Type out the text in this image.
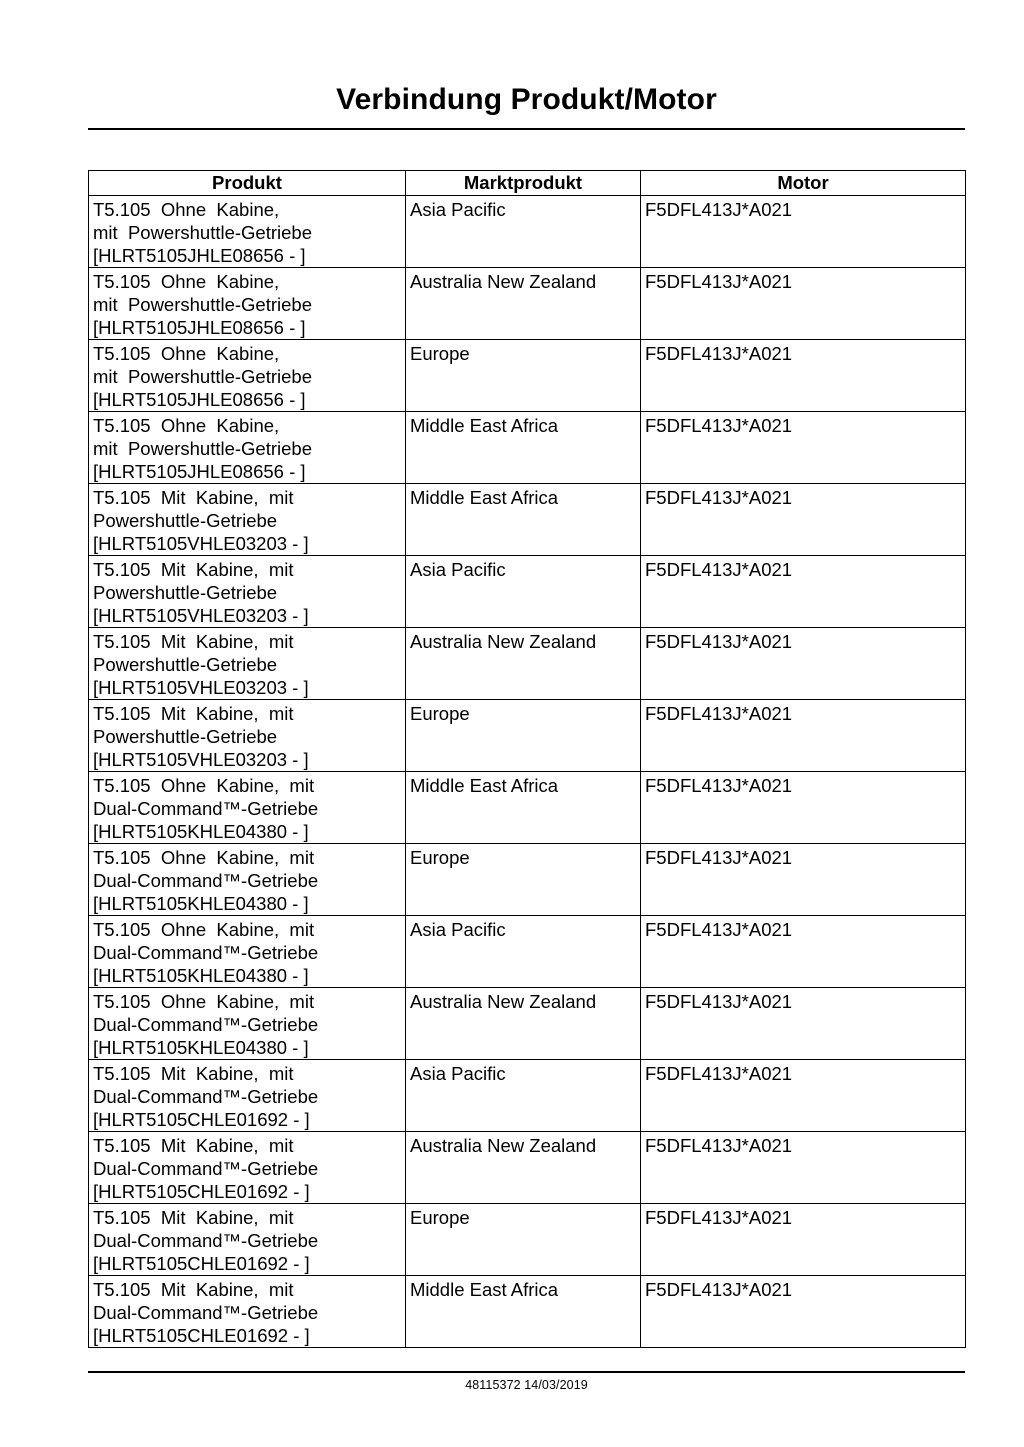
Verbindung Produkt/Motor
Produkt	Marktprodukt	Motor

T5.105  Ohne  Kabine,
mit  Powershuttle-Getriebe
[HLRT5105JHLE08656 - ]	Asia Pacific	F5DFL413J*A021

T5.105  Ohne  Kabine,
mit  Powershuttle-Getriebe
[HLRT5105JHLE08656 - ]	Australia New Zealand	F5DFL413J*A021

T5.105  Ohne  Kabine,
mit  Powershuttle-Getriebe
[HLRT5105JHLE08656 - ]	Europe	F5DFL413J*A021

T5.105  Ohne  Kabine,
mit  Powershuttle-Getriebe
[HLRT5105JHLE08656 - ]	Middle East Africa	F5DFL413J*A021

T5.105  Mit  Kabine,  mit
Powershuttle-Getriebe
[HLRT5105VHLE03203 - ]	Middle East Africa	F5DFL413J*A021

T5.105  Mit  Kabine,  mit
Powershuttle-Getriebe
[HLRT5105VHLE03203 - ]	Asia Pacific	F5DFL413J*A021

T5.105  Mit  Kabine,  mit
Powershuttle-Getriebe
[HLRT5105VHLE03203 - ]	Australia New Zealand	F5DFL413J*A021

T5.105  Mit  Kabine,  mit
Powershuttle-Getriebe
[HLRT5105VHLE03203 - ]	Europe	F5DFL413J*A021

T5.105  Ohne  Kabine,  mit
Dual-Command™-Getriebe
[HLRT5105KHLE04380 - ]	Middle East Africa	F5DFL413J*A021

T5.105  Ohne  Kabine,  mit
Dual-Command™-Getriebe
[HLRT5105KHLE04380 - ]	Europe	F5DFL413J*A021

T5.105  Ohne  Kabine,  mit
Dual-Command™-Getriebe
[HLRT5105KHLE04380 - ]	Asia Pacific	F5DFL413J*A021

T5.105  Ohne  Kabine,  mit
Dual-Command™-Getriebe
[HLRT5105KHLE04380 - ]	Australia New Zealand	F5DFL413J*A021

T5.105  Mit  Kabine,  mit
Dual-Command™-Getriebe
[HLRT5105CHLE01692 - ]	Asia Pacific	F5DFL413J*A021

T5.105  Mit  Kabine,  mit
Dual-Command™-Getriebe
[HLRT5105CHLE01692 - ]	Australia New Zealand	F5DFL413J*A021

T5.105  Mit  Kabine,  mit
Dual-Command™-Getriebe
[HLRT5105CHLE01692 - ]	Europe	F5DFL413J*A021

T5.105  Mit  Kabine,  mit
Dual-Command™-Getriebe
[HLRT5105CHLE01692 - ]	Middle East Africa	F5DFL413J*A021
48115372 14/03/2019
